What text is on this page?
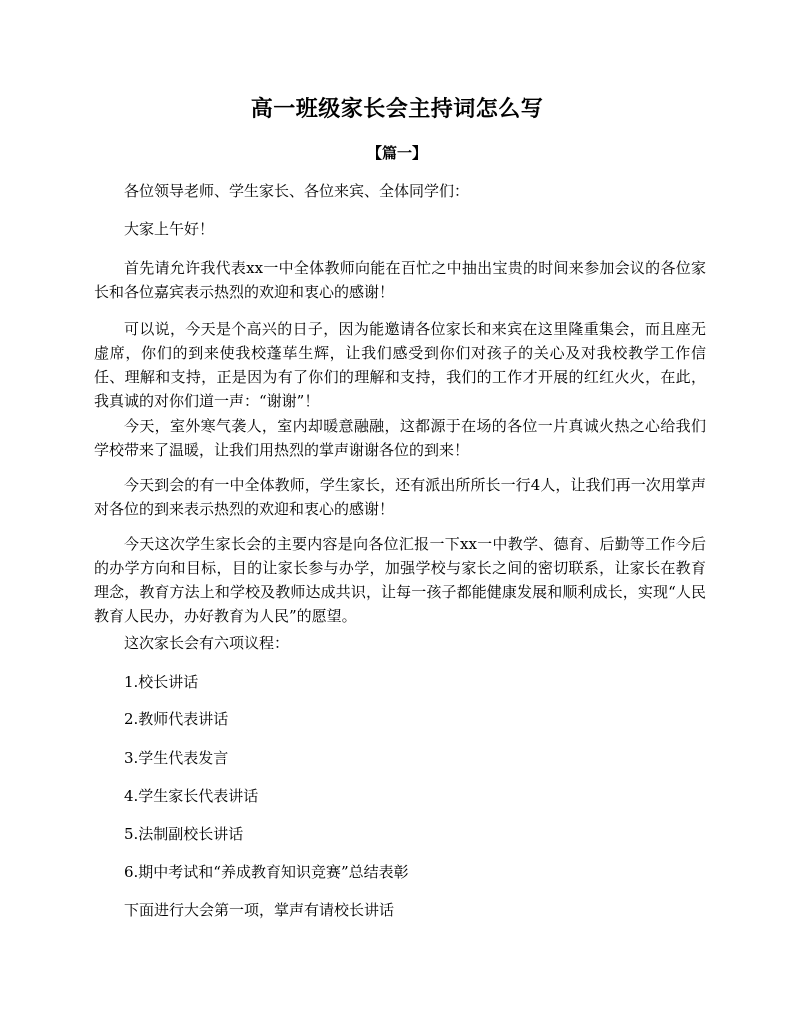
高一班级家长会主持词怎么写
【篇一】

各位领导老师、学生家长、各位来宾、全体同学们：

大家上午好！

首先请允许我代表xx一中全体教师向能在百忙之中抽出宝贵的时间来参加会议的各位家长和各位嘉宾表示热烈的欢迎和衷心的感谢！

可以说，今天是个高兴的日子，因为能邀请各位家长和来宾在这里隆重集会，而且座无虚席，你们的到来使我校蓬荜生辉，让我们感受到你们对孩子的关心及对我校教学工作信任、理解和支持，正是因为有了你们的理解和支持，我们的工作才开展的红红火火，在此，我真诚的对你们道一声：“谢谢”！

今天，室外寒气袭人，室内却暖意融融，这都源于在场的各位一片真诚火热之心给我们学校带来了温暖，让我们用热烈的掌声谢谢各位的到来！

今天到会的有一中全体教师，学生家长，还有派出所所长一行4人，让我们再一次用掌声对各位的到来表示热烈的欢迎和衷心的感谢！

今天这次学生家长会的主要内容是向各位汇报一下xx一中教学、德育、后勤等工作今后的办学方向和目标，目的让家长参与办学，加强学校与家长之间的密切联系，让家长在教育理念，教育方法上和学校及教师达成共识，让每一孩子都能健康发展和顺利成长，实现“人民教育人民办，办好教育为人民”的愿望。

这次家长会有六项议程：

1.校长讲话

2.教师代表讲话

3.学生代表发言

4.学生家长代表讲话

5.法制副校长讲话

6.期中考试和“养成教育知识竞赛”总结表彰

下面进行大会第一项，掌声有请校长讲话
